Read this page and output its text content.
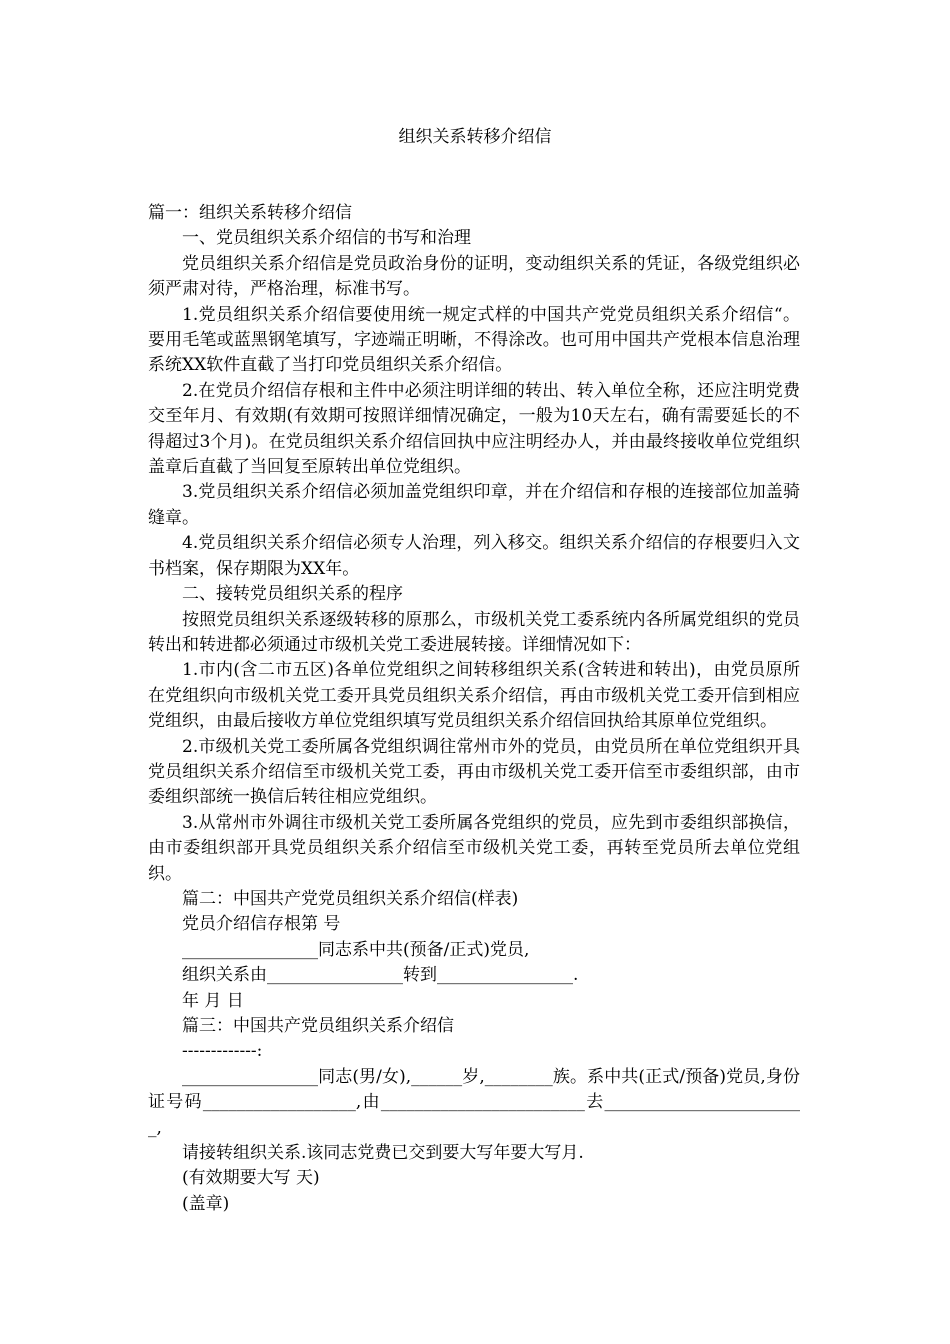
组织关系转移介绍信

篇一：组织关系转移介绍信

一、党员组织关系介绍信的书写和治理

党员组织关系介绍信是党员政治身份的证明，变动组织关系的凭证，各级党组织必须严肃对待，严格治理，标准书写。

1.党员组织关系介绍信要使用统一规定式样的中国共产党党员组织关系介绍信“。要用毛笔或蓝黑钢笔填写，字迹端正明晰，不得涂改。也可用中国共产党根本信息治理系统XX软件直截了当打印党员组织关系介绍信。

2.在党员介绍信存根和主件中必须注明详细的转出、转入单位全称，还应注明党费交至年月、有效期(有效期可按照详细情况确定，一般为10天左右，确有需要延长的不得超过3个月)。在党员组织关系介绍信回执中应注明经办人，并由最终接收单位党组织盖章后直截了当回复至原转出单位党组织。

3.党员组织关系介绍信必须加盖党组织印章，并在介绍信和存根的连接部位加盖骑缝章。

4.党员组织关系介绍信必须专人治理，列入移交。组织关系介绍信的存根要归入文书档案，保存期限为XX年。

二、接转党员组织关系的程序

按照党员组织关系逐级转移的原那么，市级机关党工委系统内各所属党组织的党员转出和转进都必须通过市级机关党工委进展转接。详细情况如下：

1.市内(含二市五区)各单位党组织之间转移组织关系(含转进和转出)，由党员原所在党组织向市级机关党工委开具党员组织关系介绍信，再由市级机关党工委开信到相应党组织，由最后接收方单位党组织填写党员组织关系介绍信回执给其原单位党组织。

2.市级机关党工委所属各党组织调往常州市外的党员，由党员所在单位党组织开具党员组织关系介绍信至市级机关党工委，再由市级机关党工委开信至市委组织部，由市委组织部统一换信后转往相应党组织。

3.从常州市外调往市级机关党工委所属各党组织的党员，应先到市委组织部换信，由市委组织部开具党员组织关系介绍信至市级机关党工委，再转至党员所去单位党组织。

篇二：中国共产党党员组织关系介绍信(样表)

党员介绍信存根第 号

________________同志系中共(预备/正式)党员,

组织关系由________________转到________________.

年 月 日

篇三：中国共产党员组织关系介绍信

-------------:

________________同志(男/女),______岁,________族。系中共(正式/预备)党员,身份证号码__________________,由________________________去________________________,

请接转组织关系.该同志党费已交到要大写年要大写月.

(有效期要大写 天)

(盖章)
